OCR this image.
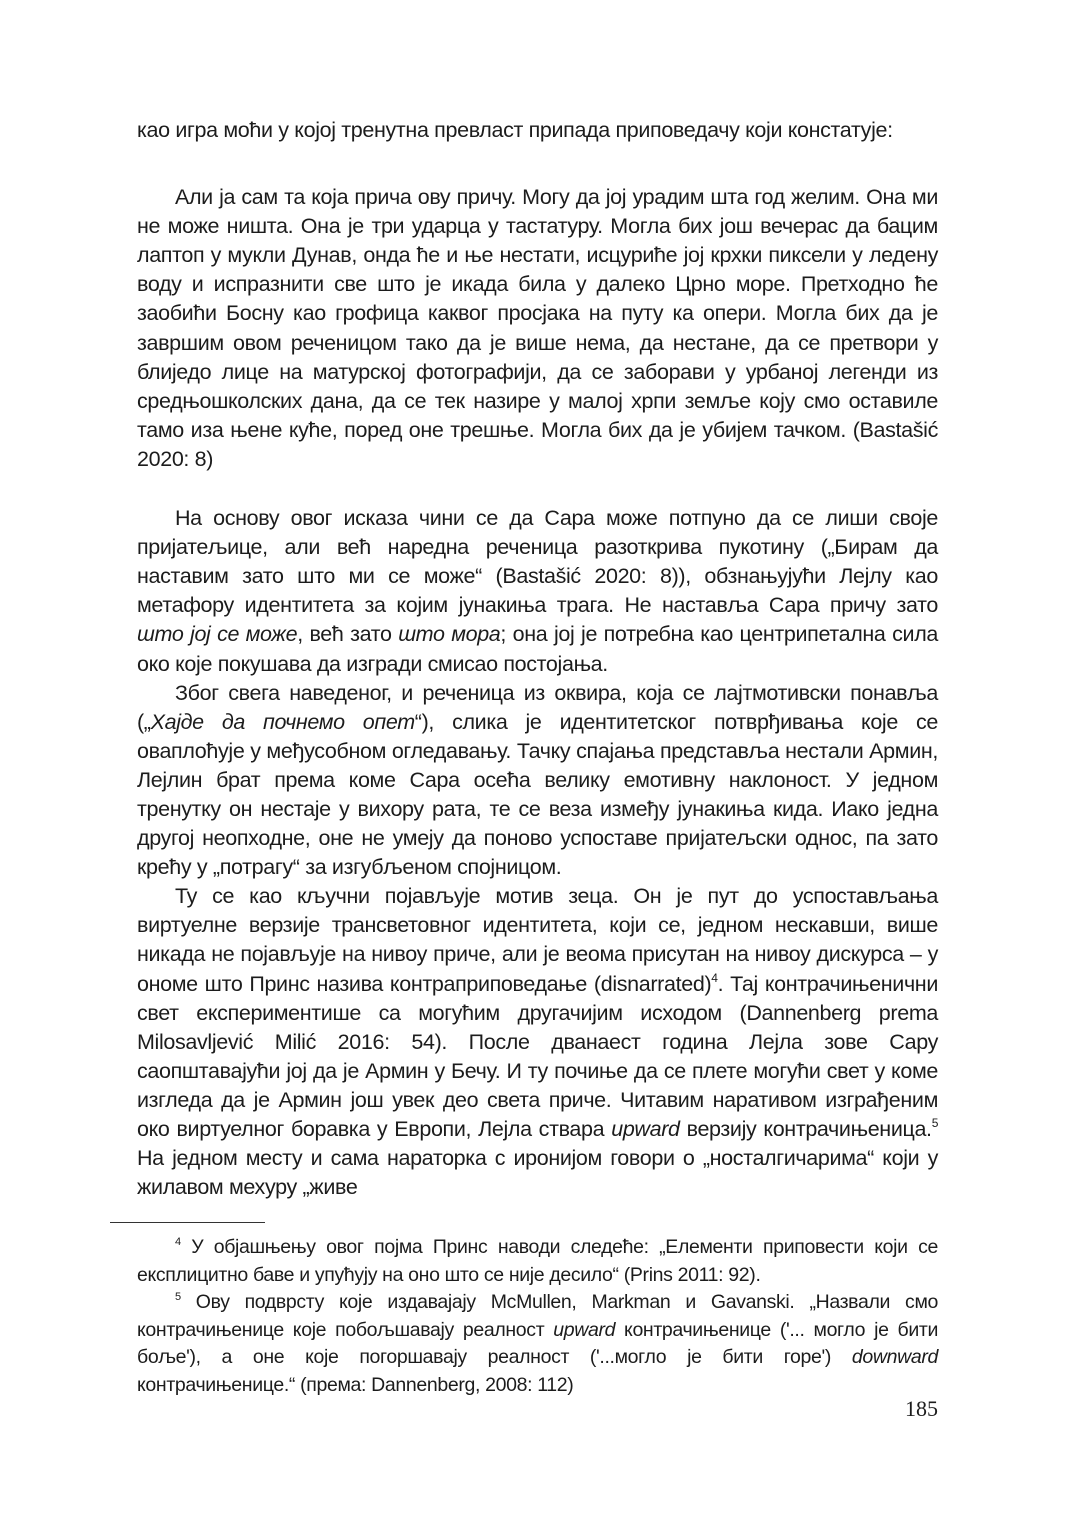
као игра моћи у којој тренутна превласт припада приповедачу који констатује:

Али ја сам та која прича ову причу. Могу да јој урадим шта год желим. Она ми не може ништа. Она је три ударца у тастатуру. Могла бих још вечерас да бацим лаптоп у мукли Дунав, онда ће и ње нестати, исцуриће јој крхки пиксели у ледену воду и испразнити све што је икада била у далеко Црно море. Претходно ће заобићи Босну као грофица каквог просјака на путу ка опери. Могла бих да је завршим овом реченицом тако да је више нема, да нестане, да се претвори у блиједо лице на матурској фотографији, да се заборави у урбаној легенди из средњошколских дана, да се тек назире у малој хрпи земље коју смо оставиле тамо иза њене куће, поред оне трешње. Могла бих да је убијем тачком. (Bastašić 2020: 8)

На основу овог исказа чини се да Сара може потпуно да се лиши своје пријатељице, али већ наредна реченица разоткрива пукотину („Бирам да наставим зато што ми се може“ (Bastašić 2020: 8)), обзнањујући Лејлу као метафору идентитета за којим јунакиња трага. Не наставља Сара причу зато што јој се може, већ зато што мора; она јој је потребна као центрипетална сила око које покушава да изгради смисао постојања.

Због свега наведеног, и реченица из оквира, која се лајтмотивски понавља („Хајде да почнемо опет“), слика је идентитетског потврђивања које се оваплоћује у међусобном огледавању. Тачку спајања представља нестали Армин, Лејлин брат према коме Сара осећа велику емотивну наклоност. У једном тренутку он нестаје у вихору рата, те се веза између јунакиња кида. Иако једна другој неопходне, оне не умеју да поново успоставе пријатељски однос, па зато крећу у „потрагу“ за изгубљеном спојницом.

Ту се као кључни појављује мотив зеца. Он је пут до успостављања виртуелне верзије трансветовног идентитета, који се, једном нескавши, више никада не појављује на нивоу приче, али је веома присутан на нивоу дискурса – у ономе што Принс назива контраприповедање (disnarrated)$^4$. Тај контрачињенични свет експериментише са могућим другачијим исходом (Dannenberg prema Milosavljević Milić 2016: 54). После дванаест година Лејла зове Сару саопштавајући јој да је Армин у Бечу. И ту почиње да се плете могући свет у коме изгледа да је Армин још увек део света приче. Читавим наративом изграђеним око виртуелног боравка у Европи, Лејла ствара upward верзију контрачињеница.$^5$ На једном месту и сама нараторка с иронијом говори о „носталгичарима“ који у жилавом мехуру „живе

$^4$ У објашњењу овог појма Принс наводи следеће: „Елементи приповести који се експлицитно баве и упућују на оно што се није десило“ (Prins 2011: 92).

$^5$ Ову подврсту које издавајају McMullen, Markman и Gavanski. „Назвали смо контрачињенице које побољшавају реалност upward контрачињенице ('... могло је бити боље'), а оне које погоршавају реалност ('...могло је бити горе') downward контрачињенице.“ (према: Dannenberg, 2008: 112)

185
